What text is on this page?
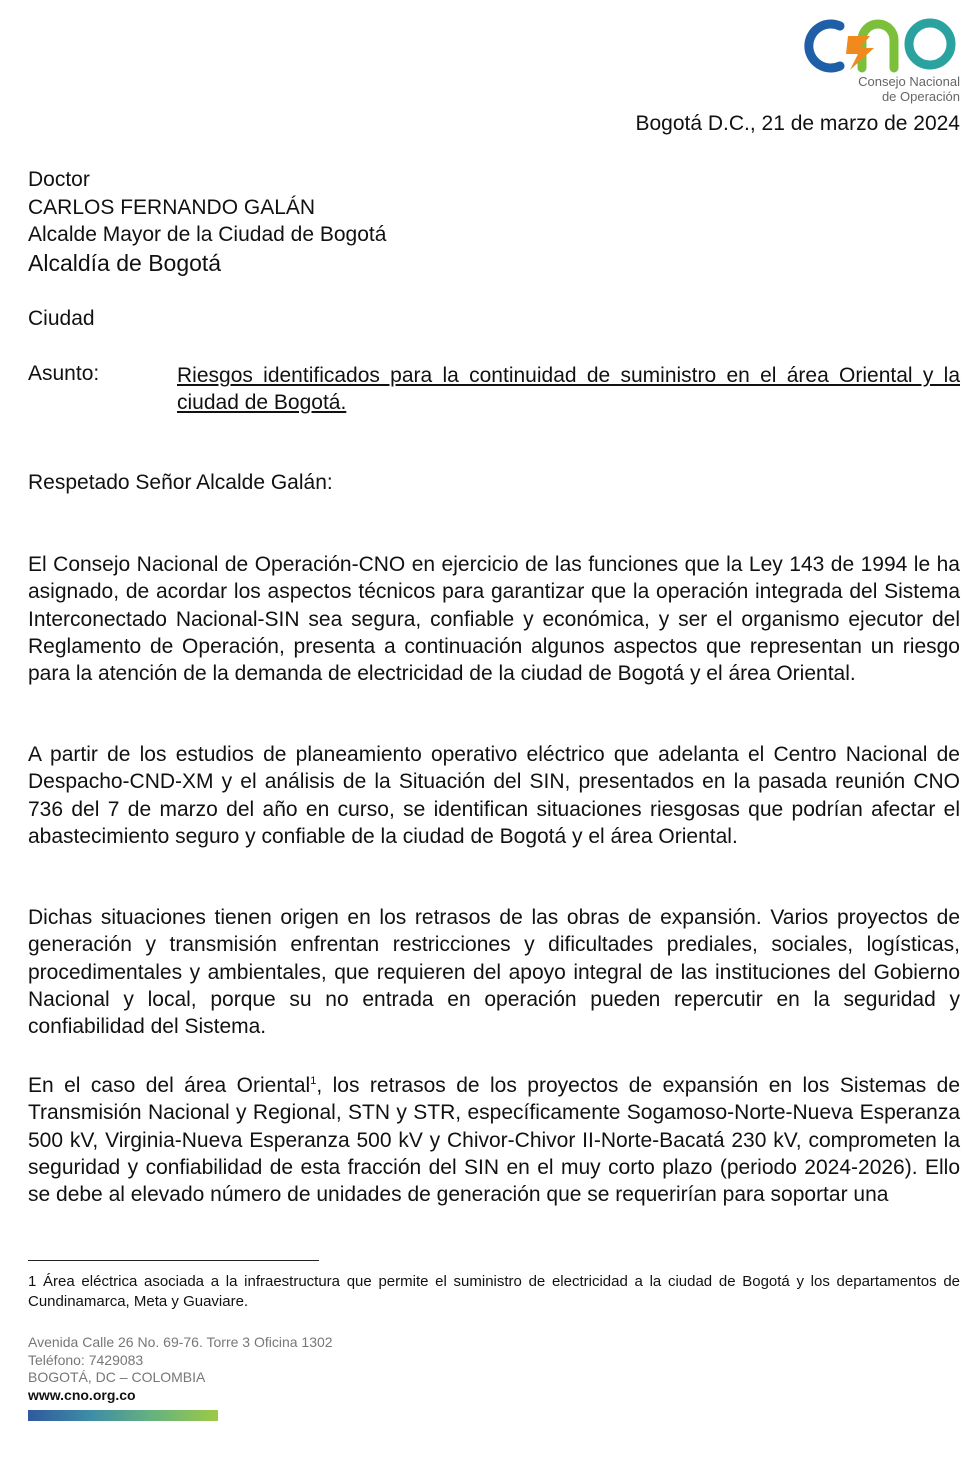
Consejo Nacional
de Operación
Bogotá D.C., 21 de marzo de 2024
Doctor
CARLOS FERNANDO GALÁN
Alcalde Mayor de la Ciudad de Bogotá
Alcaldía de Bogotá
Ciudad
Asunto:	Riesgos identificados para la continuidad de suministro en el área Oriental y la ciudad de Bogotá.
Respetado Señor Alcalde Galán:

El Consejo Nacional de Operación-CNO en ejercicio de las funciones que la Ley 143 de 1994 le ha asignado, de acordar los aspectos técnicos para garantizar que la operación integrada del Sistema Interconectado Nacional-SIN sea segura, confiable y económica, y ser el organismo ejecutor del Reglamento de Operación, presenta a continuación algunos aspectos que representan un riesgo para la atención de la demanda de electricidad de la ciudad de Bogotá y el área Oriental.

A partir de los estudios de planeamiento operativo eléctrico que adelanta el Centro Nacional de Despacho-CND-XM y el análisis de la Situación del SIN, presentados en la pasada reunión CNO 736 del 7 de marzo del año en curso, se identifican situaciones riesgosas que podrían afectar el abastecimiento seguro y confiable de la ciudad de Bogotá y el área Oriental.

Dichas situaciones tienen origen en los retrasos de las obras de expansión. Varios proyectos de generación y transmisión enfrentan restricciones y dificultades prediales, sociales, logísticas, procedimentales y ambientales, que requieren del apoyo integral de las instituciones del Gobierno Nacional y local, porque su no entrada en operación pueden repercutir en la seguridad y confiabilidad del Sistema.

En el caso del área Oriental$^1$, los retrasos de los proyectos de expansión en los Sistemas de Transmisión Nacional y Regional, STN y STR, específicamente Sogamoso-Norte-Nueva Esperanza 500 kV, Virginia-Nueva Esperanza 500 kV y Chivor-Chivor II-Norte-Bacatá 230 kV, comprometen la seguridad y confiabilidad de esta fracción del SIN en el muy corto plazo (periodo 2024-2026). Ello se debe al elevado número de unidades de generación que se requerirían para soportar una

1 Área eléctrica asociada a la infraestructura que permite el suministro de electricidad a la ciudad de Bogotá y los departamentos de Cundinamarca, Meta y Guaviare.
Avenida Calle 26 No. 69-76. Torre 3 Oficina 1302
Teléfono: 7429083
BOGOTÁ, DC – COLOMBIA
www.cno.org.co
